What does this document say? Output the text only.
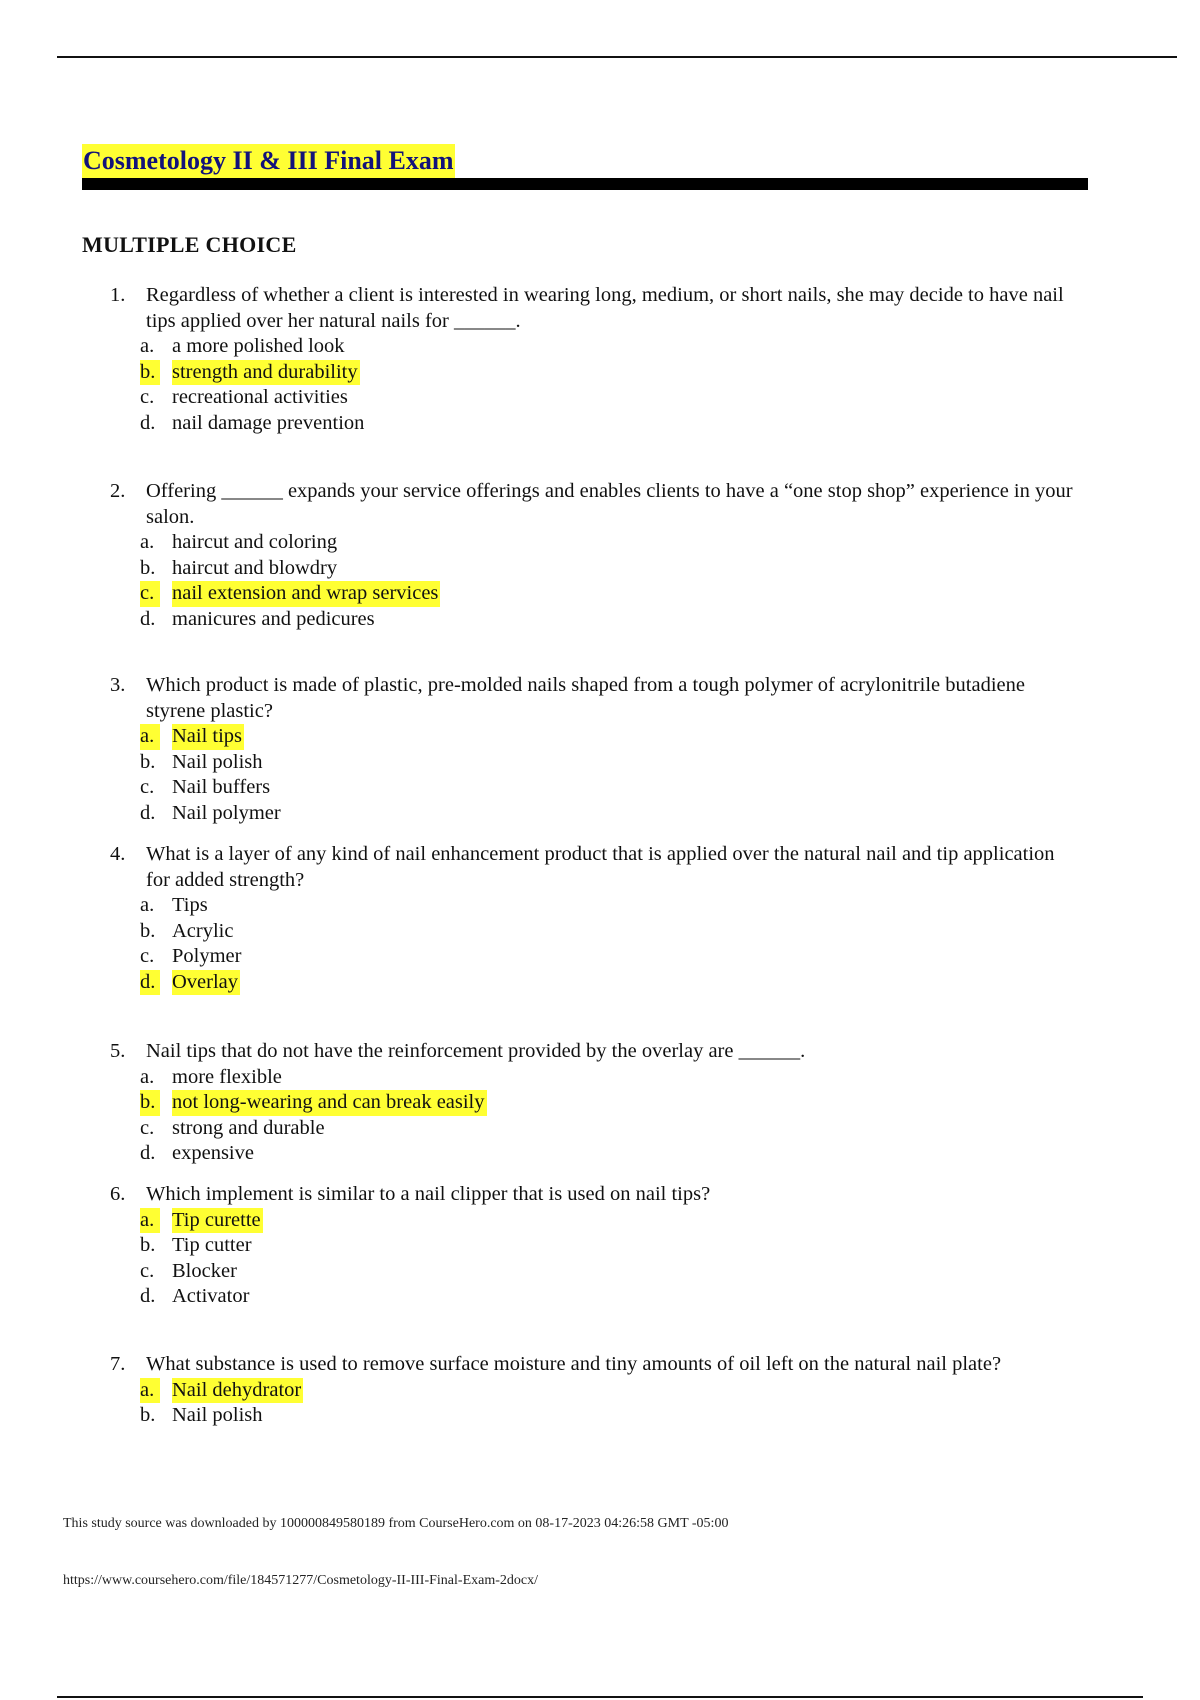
Cosmetology II & III Final Exam
MULTIPLE CHOICE
1.	Regardless of whether a client is interested in wearing long, medium, or short nails, she may decide to have nail tips applied over her natural nails for ______.
a. a more polished look
b. strength and durability
c. recreational activities
d. nail damage prevention
2.	Offering ______ expands your service offerings and enables clients to have a “one stop shop” experience in your salon.
a. haircut and coloring
b. haircut and blowdry
c. nail extension and wrap services
d. manicures and pedicures
3.	Which product is made of plastic, pre-molded nails shaped from a tough polymer of acrylonitrile butadiene styrene plastic?
a. Nail tips
b. Nail polish
c. Nail buffers
d. Nail polymer
4.	What is a layer of any kind of nail enhancement product that is applied over the natural nail and tip application for added strength?
a. Tips
b. Acrylic
c. Polymer
d. Overlay
5.	Nail tips that do not have the reinforcement provided by the overlay are ______.
a. more flexible
b. not long-wearing and can break easily
c. strong and durable
d. expensive
6.	Which implement is similar to a nail clipper that is used on nail tips?
a. Tip curette
b. Tip cutter
c. Blocker
d. Activator
7.	What substance is used to remove surface moisture and tiny amounts of oil left on the natural nail plate?
a. Nail dehydrator
b. Nail polish
This study source was downloaded by 100000849580189 from CourseHero.com on 08-17-2023 04:26:58 GMT -05:00
https://www.coursehero.com/file/184571277/Cosmetology-II-III-Final-Exam-2docx/
